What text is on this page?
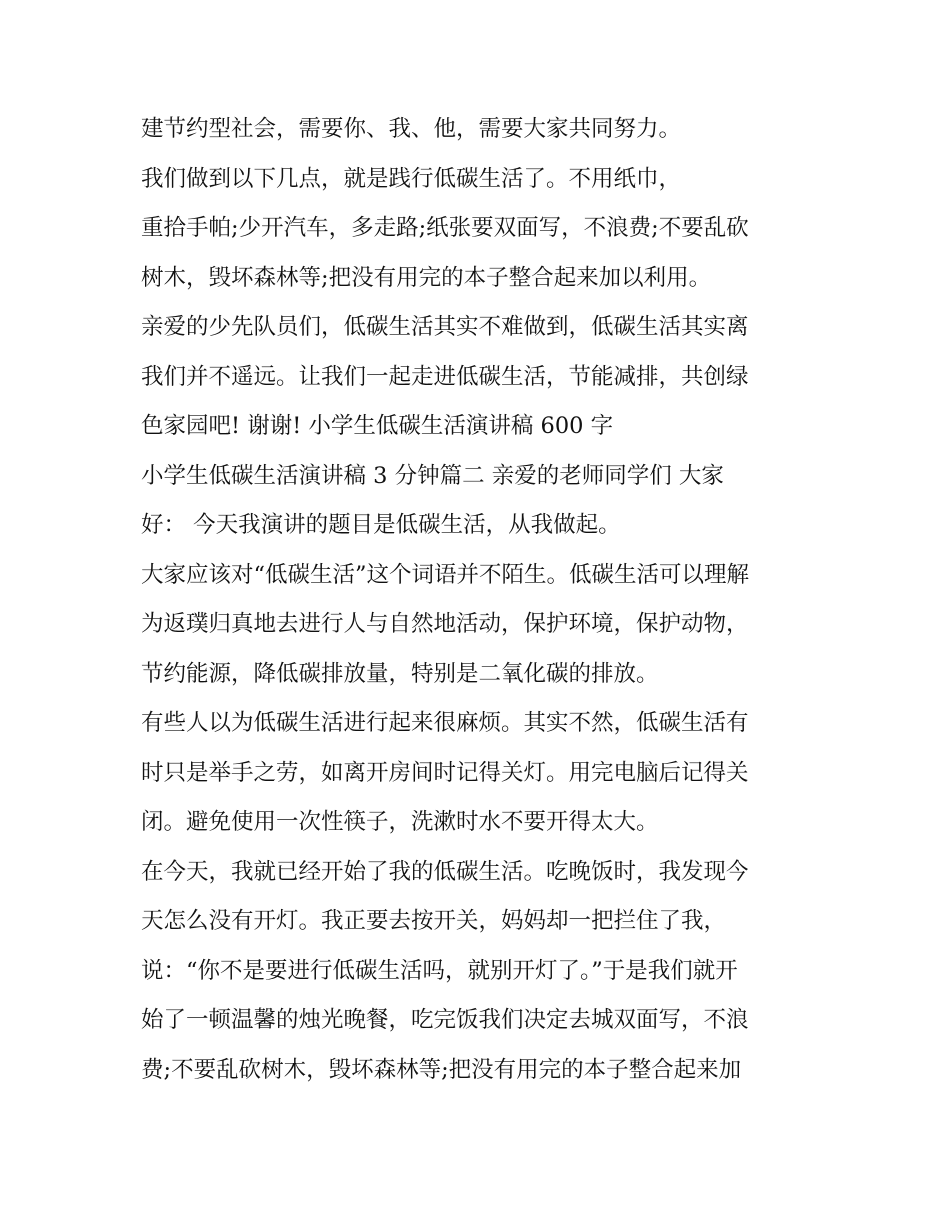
建节约型社会，需要你、我、他，需要大家共同努力。
我们做到以下几点，就是践行低碳生活了。不用纸巾，
重拾手帕;少开汽车，多走路;纸张要双面写，不浪费;不要乱砍
树木，毁坏森林等;把没有用完的本子整合起来加以利用。
亲爱的少先队员们，低碳生活其实不难做到，低碳生活其实离
我们并不遥远。让我们一起走进低碳生活，节能减排，共创绿
色家园吧! 谢谢! 小学生低碳生活演讲稿 600 字
小学生低碳生活演讲稿 3 分钟篇二 亲爱的老师同学们 大家
好： 今天我演讲的题目是低碳生活，从我做起。
大家应该对“低碳生活”这个词语并不陌生。低碳生活可以理解
为返璞归真地去进行人与自然地活动，保护环境，保护动物，
节约能源，降低碳排放量，特别是二氧化碳的排放。
有些人以为低碳生活进行起来很麻烦。其实不然，低碳生活有
时只是举手之劳，如离开房间时记得关灯。用完电脑后记得关
闭。避免使用一次性筷子，洗漱时水不要开得太大。
在今天，我就已经开始了我的低碳生活。吃晚饭时，我发现今
天怎么没有开灯。我正要去按开关，妈妈却一把拦住了我，
说：“你不是要进行低碳生活吗，就别开灯了。”于是我们就开
始了一顿温馨的烛光晚餐，吃完饭我们决定去城双面写，不浪
费;不要乱砍树木，毁坏森林等;把没有用完的本子整合起来加
